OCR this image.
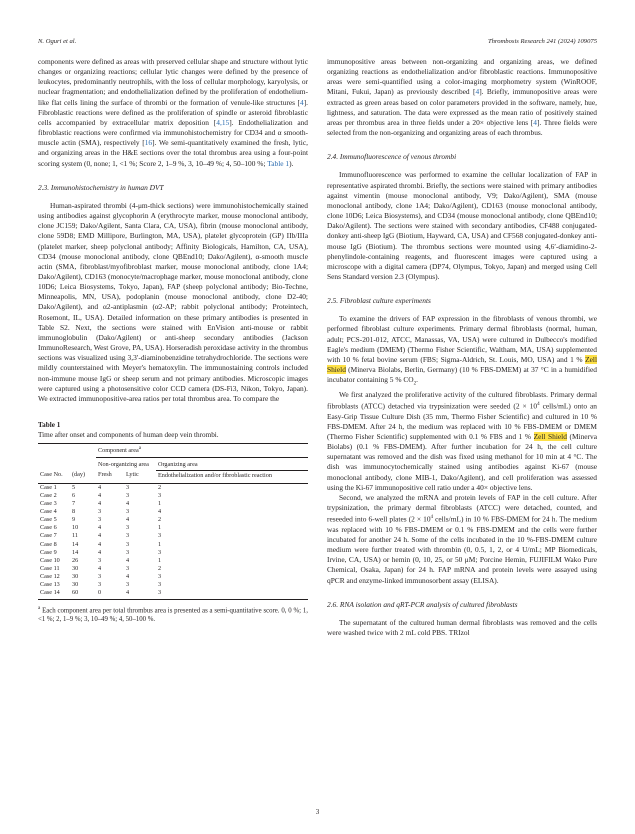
N. Oguri et al.	Thrombosis Research 241 (2024) 109075

components were defined as areas with preserved cellular shape and structure without lytic changes or organizing reactions; cellular lytic changes were defined by the presence of leukocytes, predominantly neutrophils, with the loss of cellular morphology, karyolysis, or nuclear fragmentation; and endothelialization defined by the proliferation of endothelium-like flat cells lining the surface of thrombi or the formation of venule-like structures [4]. Fibroblastic reactions were defined as the proliferation of spindle or asteroid fibroblastic cells accompanied by extracellular matrix deposition [4,15]. Endothelialization and fibroblastic reactions were confirmed via immunohistochemistry for CD34 and α smooth-muscle actin (SMA), respectively [16]. We semi-quantitatively examined the fresh, lytic, and organizing areas in the H&E sections over the total thrombus area using a four-point scoring system (0, none; 1, <1 %; Score 2, 1–9 %, 3, 10–49 %; 4, 50–100 %; Table 1).

2.3. Immunohistochemistry in human DVT

Human-aspirated thrombi (4-μm-thick sections) were immunohistochemically stained using antibodies against glycophorin A (erythrocyte marker, mouse monoclonal antibody, clone JC159; Dako/Agilent, Santa Clara, CA, USA), fibrin (mouse monoclonal antibody, clone 59D8; EMD Millipore, Burlington, MA, USA), platelet glycoprotein (GP) IIb/IIIa (platelet marker, sheep polyclonal antibody; Affinity Biologicals, Hamilton, CA, USA), CD34 (mouse monoclonal antibody, clone QBEnd10; Dako/Agilent), α-smooth muscle actin (SMA, fibroblast/myofibroblast marker, mouse monoclonal antibody, clone 1A4; Dako/Agilent), CD163 (monocyte/macrophage marker, mouse monoclonal antibody, clone 10D6; Leica Biosystems, Tokyo, Japan), FAP (sheep polyclonal antibody; Bio-Techne, Minneapolis, MN, USA), podoplanin (mouse monoclonal antibody, clone D2-40; Dako/Agilent), and α2-antiplasmin (α2-AP; rabbit polyclonal antibody; Proteintech, Rosemont, IL, USA). Detailed information on these primary antibodies is presented in Table S2. Next, the sections were stained with EnVision anti-mouse or rabbit immunoglobulin (Dako/Agilent) or anti-sheep secondary antibodies (Jackson ImmunoResearch, West Grove, PA, USA). Horseradish peroxidase activity in the thrombus sections was visualized using 3,3′-diaminobenzidine tetrahydrochloride. The sections were mildly counterstained with Meyer's hematoxylin. The immunostaining controls included non-immune mouse IgG or sheep serum and not primary antibodies. Microscopic images were captured using a photosensitive color CCD camera (DS-Fi3, Nikon, Tokyo, Japan). We extracted immunopositive-area ratios per total thrombus area. To compare the

Table 1
Time after onset and components of human deep vein thrombi.
		Component area$^a$
		Non-organizing area		Organizing area
Case No.	(day)	Fresh	Lytic	Endothelialization and/or fibroblastic reaction
Case 1	5	4	3	2
Case 2	6	4	3	3
Case 3	7	4	4	1
Case 4	8	3	3	4
Case 5	9	3	4	2
Case 6	10	4	3	1
Case 7	11	4	3	3
Case 8	14	4	3	1
Case 9	14	4	3	3
Case 10	26	3	4	1
Case 11	30	4	3	2
Case 12	30	3	4	3
Case 13	30	3	3	3
Case 14	60	0	4	3
$^a$ Each component area per total thrombus area is presented as a semi-quantitative score. 0, 0 %; 1, <1 %; 2, 1–9 %; 3, 10–49 %; 4, 50–100 %.

immunopositive areas between non-organizing and organizing areas, we defined organizing reactions as endothelialization and/or fibroblastic reactions. Immunopositive areas were semi-quantified using a color-imaging morphometry system (WinROOF, Mitani, Fukui, Japan) as previously described [4]. Briefly, immunopositive areas were extracted as green areas based on color parameters provided in the software, namely, hue, lightness, and saturation. The data were expressed as the mean ratio of positively stained areas per thrombus area in three fields under a 20× objective lens [4]. Three fields were selected from the non-organizing and organizing areas of each thrombus.

2.4. Immunofluorescence of venous thrombi

Immunofluorescence was performed to examine the cellular localization of FAP in representative aspirated thrombi. Briefly, the sections were stained with primary antibodies against vimentin (mouse monoclonal antibody, V9; Dako/Agilent), SMA (mouse monoclonal antibody, clone 1A4; Dako/Agilent), CD163 (mouse monoclonal antibody, clone 10D6; Leica Biosystems), and CD34 (mouse monoclonal antibody, clone QBEnd10; Dako/Agilent). The sections were stained with secondary antibodies, CF488 conjugated-donkey anti-sheep IgG (Biotium, Hayward, CA, USA) and CF568 conjugated-donkey anti-mouse IgG (Biotium). The thrombus sections were mounted using 4,6′-diamidino-2-phenylindole-containing reagents, and fluorescent images were captured using a microscope with a digital camera (DP74, Olympus, Tokyo, Japan) and merged using Cell Sens Standard version 2.3 (Olympus).

2.5. Fibroblast culture experiments

To examine the drivers of FAP expression in the fibroblasts of venous thrombi, we performed fibroblast culture experiments. Primary dermal fibroblasts (normal, human, adult; PCS-201-012, ATCC, Manassas, VA, USA) were cultured in Dulbecco's modified Eagle's medium (DMEM) (Thermo Fisher Scientific, Waltham, MA, USA) supplemented with 10 % fetal bovine serum (FBS; Sigma-Aldrich, St. Louis, MO, USA) and 1 % Zell Shield (Minerva Biolabs, Berlin, Germany) (10 % FBS-DMEM) at 37 °C in a humidified incubator containing 5 % $CO_2$.

We first analyzed the proliferative activity of the cultured fibroblasts. Primary dermal fibroblasts (ATCC) detached via trypsinization were seeded ($2 \times 10^4$ cells/mL) onto an Easy-Grip Tissue Culture Dish (35 mm, Thermo Fisher Scientific) and cultured in 10 % FBS-DMEM. After 24 h, the medium was replaced with 10 % FBS-DMEM or DMEM (Thermo Fisher Scientific) supplemented with 0.1 % FBS and 1 % Zell Shield (Minerva Biolabs) (0.1 % FBS-DMEM). After further incubation for 24 h, the cell culture supernatant was removed and the dish was fixed using methanol for 10 min at 4 °C. The dish was immunocytochemically stained using antibodies against Ki-67 (mouse monoclonal antibody, clone MIB-1, Dako/Agilent), and cell proliferation was assessed using the Ki-67 immunopositive cell ratio under a 40× objective lens.

Second, we analyzed the mRNA and protein levels of FAP in the cell culture. After trypsinization, the primary dermal fibroblasts (ATCC) were detached, counted, and reseeded into 6-well plates ($2 \times 10^4$ cells/mL) in 10 % FBS-DMEM for 24 h. The medium was replaced with 10 % FBS-DMEM or 0.1 % FBS-DMEM and the cells were further incubated for another 24 h. Some of the cells incubated in the 10 %-FBS-DMEM culture medium were further treated with thrombin (0, 0.5, 1, 2, or 4 U/mL; MP Biomedicals, Irvine, CA, USA) or hemin (0, 10, 25, or 50 μM; Porcine Hemin, FUJIFILM Wako Pure Chemical, Osaka, Japan) for 24 h. FAP mRNA and protein levels were assayed using qPCR and enzyme-linked immunosorbent assay (ELISA).

2.6. RNA isolation and qRT-PCR analysis of cultured fibroblasts

The supernatant of the cultured human dermal fibroblasts was removed and the cells were washed twice with 2 mL cold PBS. TRIzol

3
